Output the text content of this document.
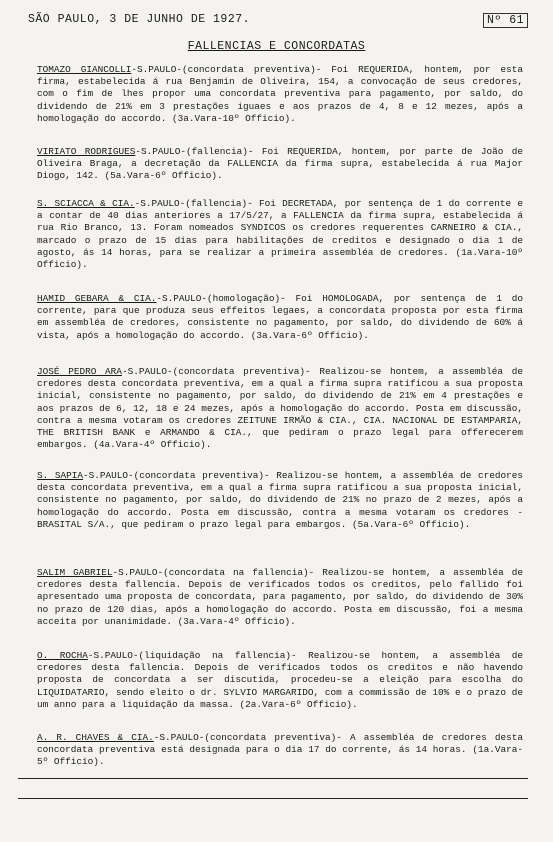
SÃO PAULO, 3 DE JUNHO DE 1927.	Nº 61
FALLENCIAS E CONCORDATAS
TOMAZO GIANCOLLI-S.PAULO-(concordata preventiva)- Foi REQUERIDA, hontem, por esta firma, estabelecida á rua Benjamin de Oliveira, 154, a convocação de seus credores, com o fim de lhes propor uma concordata preventiva para pagamento, por saldo, do dividendo de 21% em 3 prestações iguaes e aos prazos de 4, 8 e 12 mezes, após a homologação do accordo. (3a.Vara-10º Officio).
VIRIATO RODRIGUES-S.PAULO-(fallencia)- Foi REQUERIDA, hontem, por parte de João de Oliveira Braga, a decretação da FALLENCIA da firma supra, estabelecida á rua Major Diogo, 142. (5a.Vara-6º Officio).
S. SCIACCA & CIA.-S.PAULO-(fallencia)- Foi DECRETADA, por sentença de 1 do corrente e a contar de 40 dias anteriores a 17/5/27, a FALLENCIA da firma supra, estabelecida á rua Rio Branco, 13. Foram nomeados SYNDICOS os credores requerentes CARNEIRO & CIA., marcado o prazo de 15 dias para habilitações de creditos e designado o dia 1 de agosto, ás 14 horas, para se realizar a primeira assembléa de credores. (1a.Vara-10º Officio).
HAMID GEBARA & CIA.-S.PAULO-(homologação)- Foi HOMOLOGADA, por sentença de 1 do corrente, para que produza seus effeitos legaes, a concordata proposta por esta firma em assembléa de credores, consistente no pagamento, por saldo, do dividendo de 60% á vista, após a homologação do accordo. (3a.Vara-6º Officio).
JOSÉ PEDRO ARA-S.PAULO-(concordata preventiva)- Realizou-se hontem, a assembléa de credores desta concordata preventiva, em a qual a firma supra ratificou a sua proposta inicial, consistente no pagamento, por saldo, do dividendo de 21% em 4 prestações e aos prazos de 6, 12, 18 e 24 mezes, após a homologação do accordo. Posta em discussão, contra a mesma votaram os credores ZEITUNE IRMÃO & CIA., CIA. NACIONAL DE ESTAMPARIA, THE BRITISH BANK e ARMANDO & CIA., que pediram o prazo legal para offerecerem embargos. (4a.Vara-4º Officio).
S. SAPIA-S.PAULO-(concordata preventiva)- Realizou-se hontem, a assembléa de credores desta concordata preventiva, em a qual a firma supra ratificou a sua proposta inicial, consistente no pagamento, por saldo, do dividendo de 21% no prazo de 2 mezes, após a homologação do accordo. Posta em discussão, contra a mesma votaram os credores - BRASITAL S/A., que pediram o prazo legal para embargos. (5a.Vara-6º Officio).
SALIM GABRIEL-S.PAULO-(concordata na fallencia)- Realizou-se hontem, a assembléa de credores desta fallencia. Depois de verificados todos os creditos, pelo fallido foi apresentado uma proposta de concordata, para pagamento, por saldo, do dividendo de 30% no prazo de 120 dias, após a homologação do accordo. Posta em discussão, foi a mesma acceita por unanimidade. (3a.Vara-4º Officio).
O. ROCHA-S.PAULO-(liquidação na fallencia)- Realizou-se hontem, a assembléa de credores desta fallencia. Depois de verificados todos os creditos e não havendo proposta de concordata a ser discutida, procedeu-se a eleição para escolha do LIQUIDATARIO, sendo eleito o dr. SYLVIO MARGARIDO, com a commissão de 10% e o prazo de um anno para a liquidação da massa. (2a.Vara-6º Officio).
A. R. CHAVES & CIA.-S.PAULO-(concordata preventiva)- A assembléa de credores desta concordata preventiva está designada para o dia 17 do corrente, ás 14 horas. (1a.Vara-5º Officio).
